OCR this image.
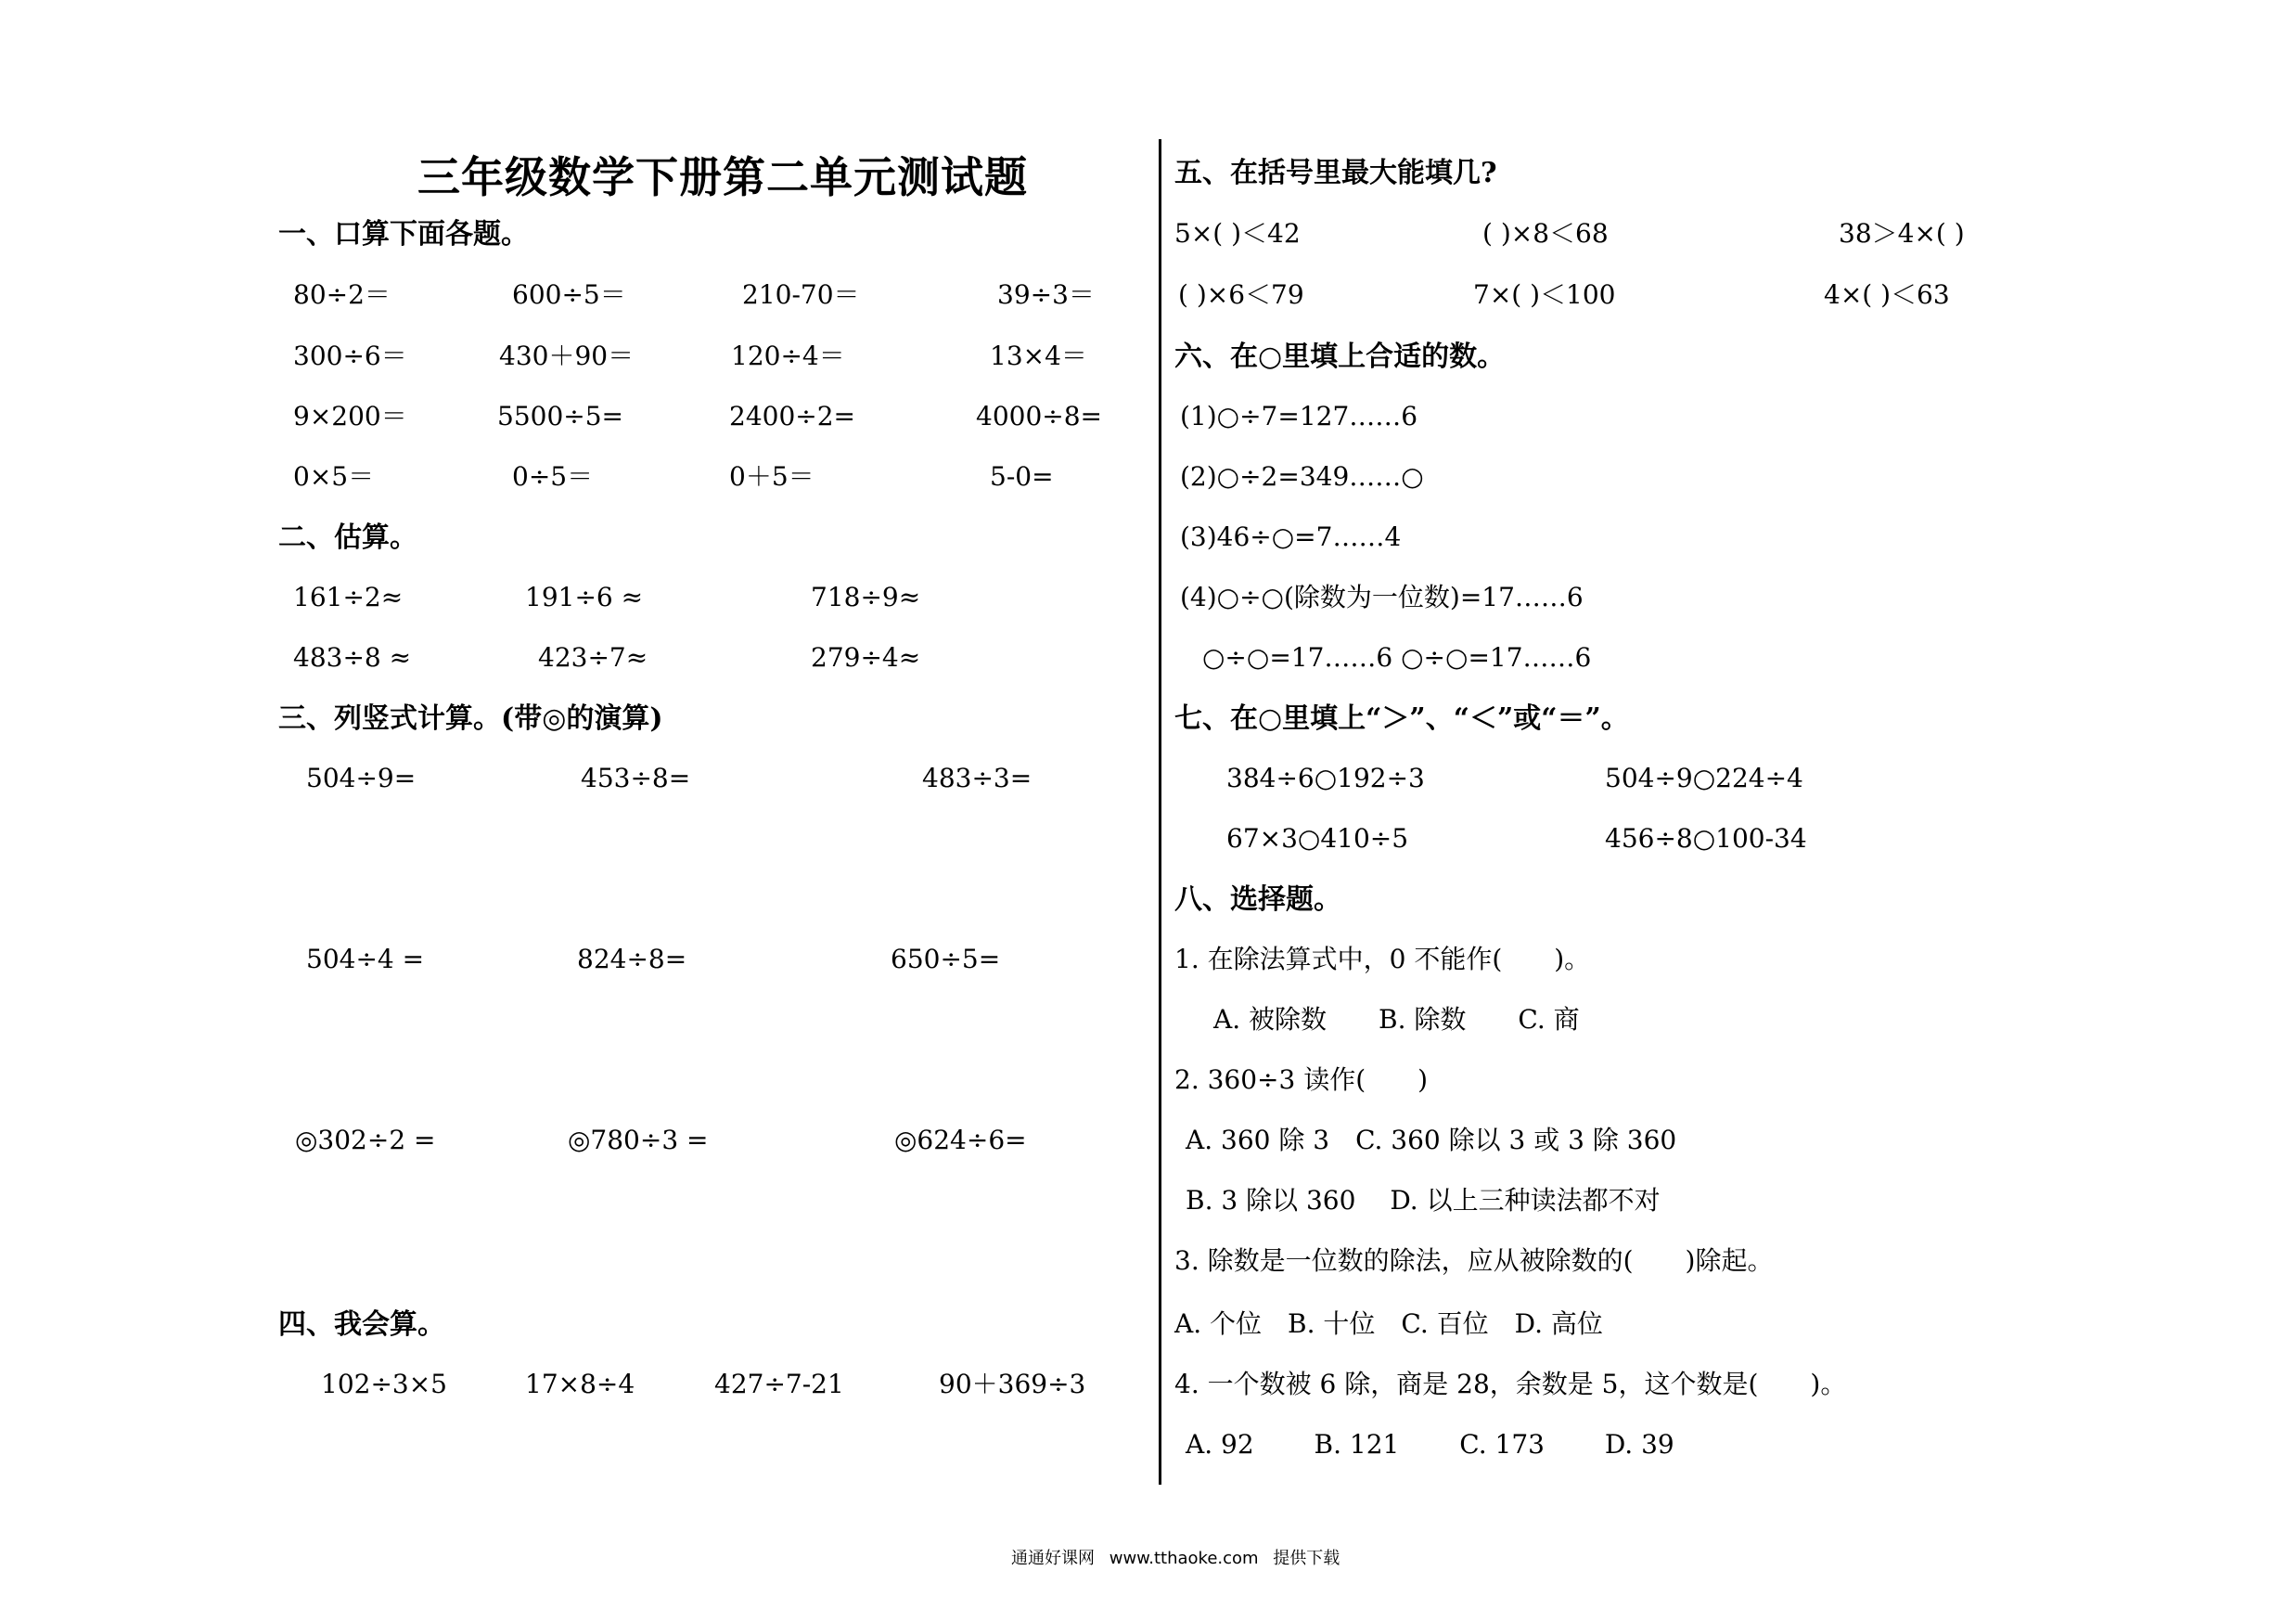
三年级数学下册第二单元测试题
一、口算下面各题。
80÷2＝	600÷5＝	210-70＝	39÷3＝
300÷6＝	430＋90＝	120÷4＝	13×4＝
9×200＝	5500÷5=	2400÷2=	4000÷8=
0×5＝	0÷5＝	0＋5＝	5-0=
二、估算。
161÷2≈	191÷6 ≈	718÷9≈
483÷8 ≈	423÷7≈	279÷4≈
三、列竖式计算。(带◎的演算)
504÷9=	453÷8=	483÷3=
504÷4 =	824÷8=	650÷5=
◎302÷2 =	◎780÷3 =	◎624÷6=
四、我会算。
102÷3×5	17×8÷4	427÷7-21	90＋369÷3
五、在括号里最大能填几?
5×( )＜42	( )×8＜68	38＞4×( )
( )×6＜79	7×( )＜100	4×( )＜63
六、在○里填上合适的数。
(1)○÷7=127……6
(2)○÷2=349……○
(3)46÷○=7……4
(4)○÷○(除数为一位数)=17……6
○÷○=17……6 ○÷○=17……6
七、在○里填上“＞”、“＜”或“＝”。
384÷6○192÷3	504÷9○224÷4
67×3○410÷5	456÷8○100-34
八、选择题。
1. 在除法算式中，0 不能作(　　)。
A. 被除数　　B. 除数　　C. 商
2. 360÷3 读作(　　)
A. 360 除 3　C. 360 除以 3 或 3 除 360
B. 3 除以 360　 D. 以上三种读法都不对
3. 除数是一位数的除法，应从被除数的(　　)除起。
A. 个位　B. 十位　C. 百位　D. 高位
4. 一个数被 6 除，商是 28，余数是 5，这个数是(　　)。
A. 92　　 B. 121　　 C. 173　　 D. 39
通通好课网 www.tthaoke.com 提供下载
